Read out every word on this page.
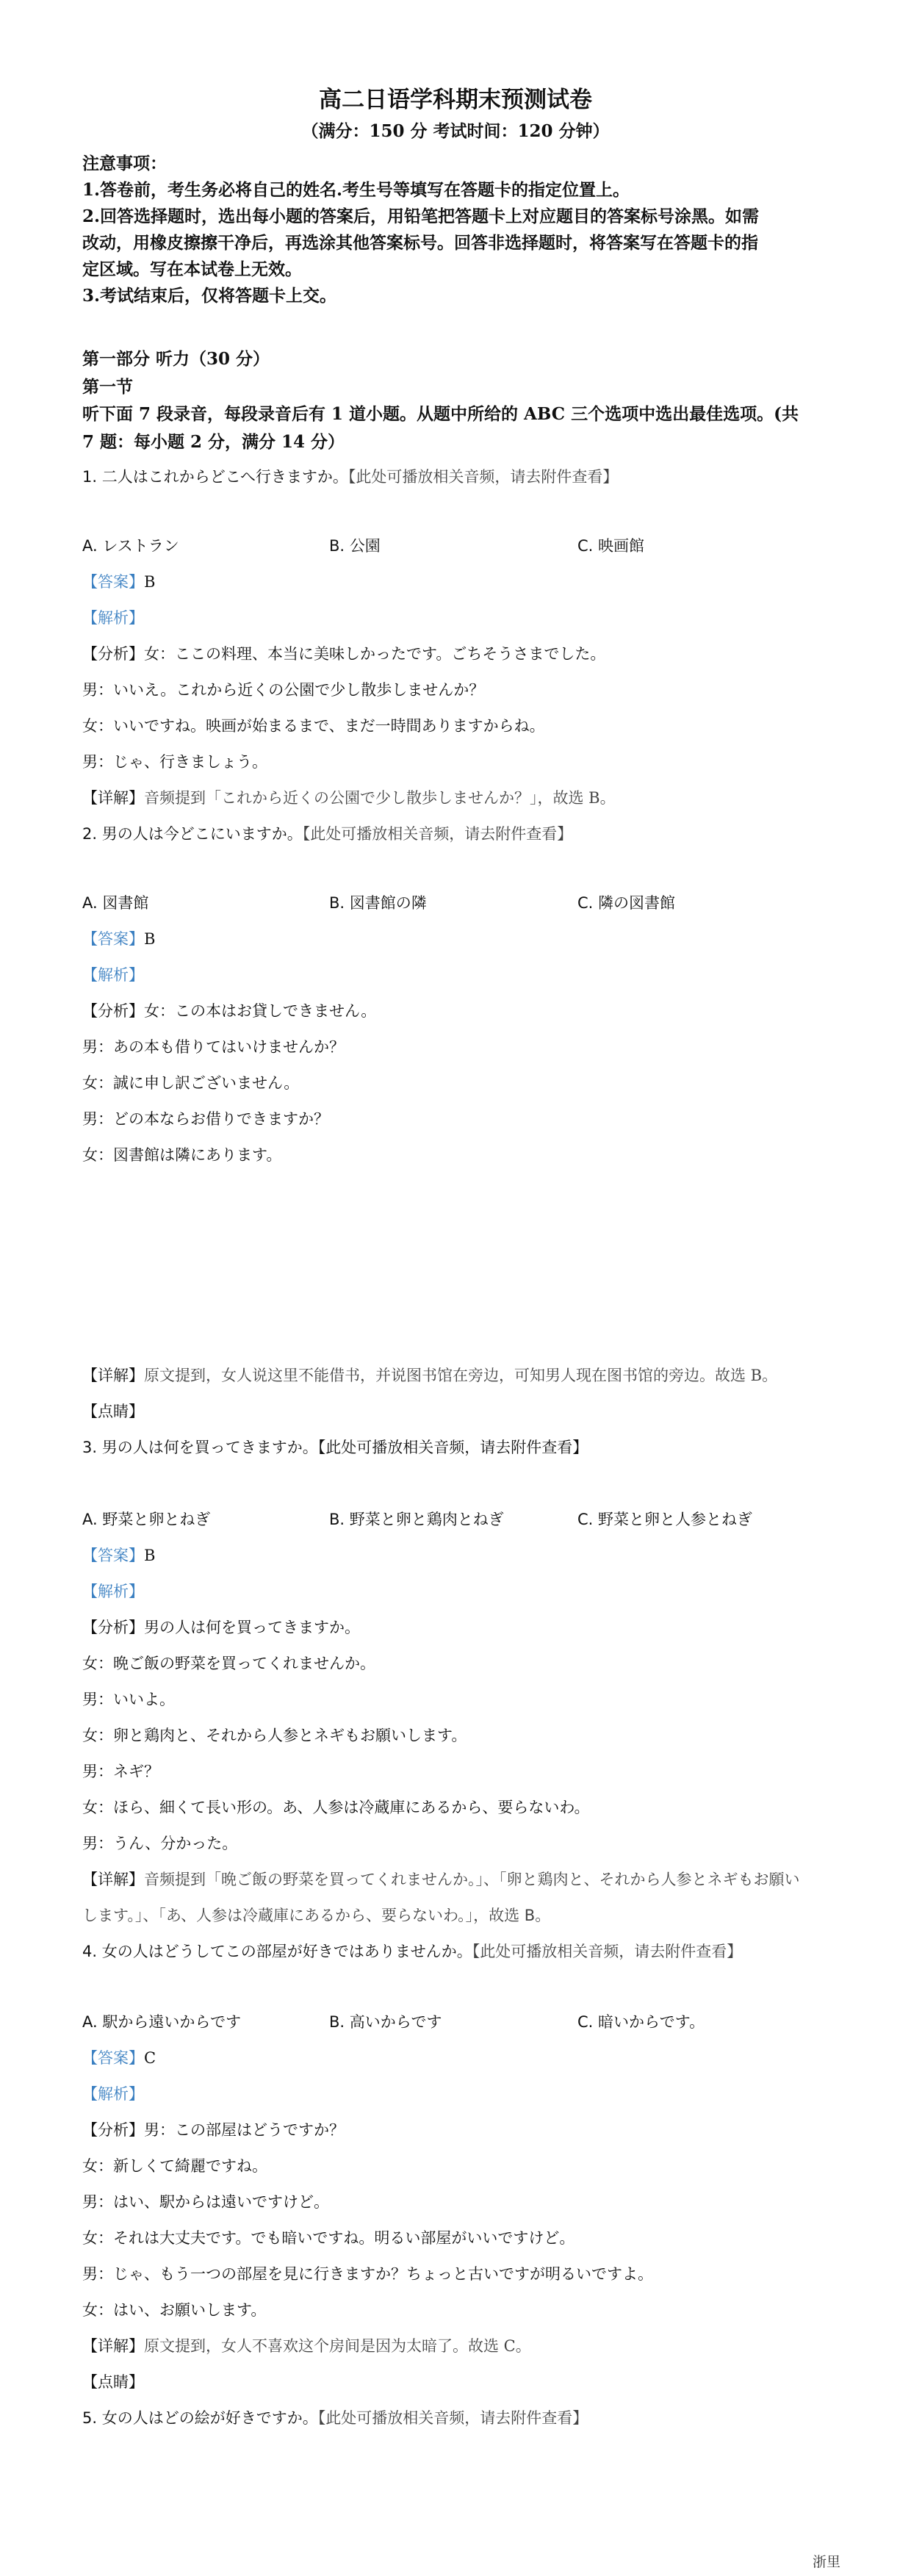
高二日语学科期末预测试卷
（满分：150 分 考试时间：120 分钟）
注意事项：
1.答卷前，考生务必将自己的姓名.考生号等填写在答题卡的指定位置上。
2.回答选择题时，选出每小题的答案后，用铅笔把答题卡上对应题目的答案标号涂黑。如需
改动，用橡皮擦擦干净后，再选涂其他答案标号。回答非选择题时，将答案写在答题卡的指
定区域。写在本试卷上无效。
3.考试结束后，仅将答题卡上交。
第一部分 听力（30 分）
第一节
听下面 7 段录音，每段录音后有 1 道小题。从题中所给的 ABC 三个选项中选出最佳选项。(共
7 题：每小题 2 分，满分 14 分）
1. 二人はこれからどこへ行きますか。【此处可播放相关音频，请去附件查看】
A. レストラン	B. 公園	C. 映画館
【答案】B
【解析】
【分析】女：ここの料理、本当に美味しかったです。ごちそうさまでした。
男：いいえ。これから近くの公園で少し散歩しませんか？
女：いいですね。映画が始まるまで、まだ一時間ありますからね。
男：じゃ、行きましょう。
【详解】音频提到「これから近くの公園で少し散歩しませんか？」，故选 B。
2. 男の人は今どこにいますか。【此处可播放相关音频，请去附件查看】
A. 図書館	B. 図書館の隣	C. 隣の図書館
【答案】B
【解析】
【分析】女：この本はお貸しできません。
男：あの本も借りてはいけませんか？
女：誠に申し訳ございません。
男：どの本ならお借りできますか？
女：図書館は隣にあります。
【详解】原文提到，女人说这里不能借书，并说图书馆在旁边，可知男人现在图书馆的旁边。故选 B。
【点睛】
3. 男の人は何を買ってきますか。【此处可播放相关音频，请去附件查看】
A. 野菜と卵とねぎ	B. 野菜と卵と鶏肉とねぎ	C. 野菜と卵と人参とねぎ
【答案】B
【解析】
【分析】男の人は何を買ってきますか。
女：晩ご飯の野菜を買ってくれませんか。
男：いいよ。
女：卵と鶏肉と、それから人参とネギもお願いします。
男：ネギ？
女：ほら、細くて長い形の。あ、人参は冷蔵庫にあるから、要らないわ。
男：うん、分かった。
【详解】音频提到「晩ご飯の野菜を買ってくれませんか。」、「卵と鶏肉と、それから人参とネギもお願い
します。」、「あ、人参は冷蔵庫にあるから、要らないわ。」，故选 B。
4. 女の人はどうしてこの部屋が好きではありませんか。【此处可播放相关音频，请去附件查看】
A. 駅から遠いからです	B. 高いからです	C. 暗いからです。
【答案】C
【解析】
【分析】男：この部屋はどうですか？
女：新しくて綺麗ですね。
男：はい、駅からは遠いですけど。
女：それは大丈夫です。でも暗いですね。明るい部屋がいいですけど。
男：じゃ、もう一つの部屋を見に行きますか？ちょっと古いですが明るいですよ。
女：はい、お願いします。
【详解】原文提到，女人不喜欢这个房间是因为太暗了。故选 C。
【点睛】
5. 女の人はどの絵が好きですか。【此处可播放相关音频，请去附件查看】
浙里
